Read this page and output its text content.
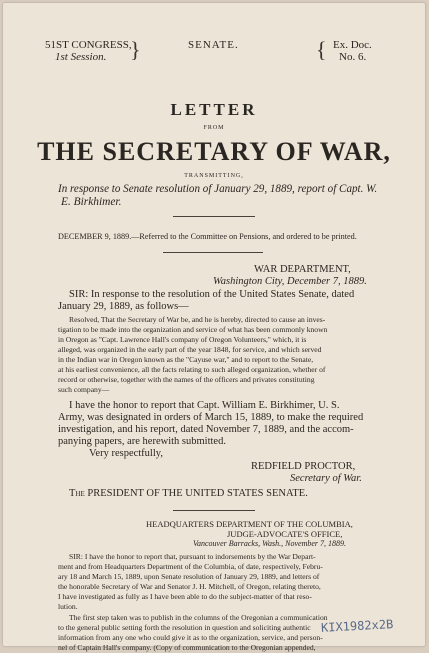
51ST CONGRESS,
1st Session. }	SENATE.	{ Ex. Doc.
No. 6.
LETTER
FROM
THE SECRETARY OF WAR,
TRANSMITTING,
In response to Senate resolution of January 29, 1889, report of Capt. W.
E. Birkhimer.
DECEMBER 9, 1889.—Referred to the Committee on Pensions, and ordered to be printed.
WAR DEPARTMENT,
Washington City, December 7, 1889.
SIR: In response to the resolution of the United States Senate, dated
January 29, 1889, as follows—
Resolved, That the Secretary of War be, and he is hereby, directed to cause an inves-
tigation to be made into the organization and service of what has been commonly known
in Oregon as "Capt. Lawrence Hall's company of Oregon Volunteers," which, it is
alleged, was organized in the early part of the year 1848, for service, and which served
in the Indian war in Oregon known as the "Cayuse war," and to report to the Senate,
at his earliest convenience, all the facts relating to such alleged organization, whether of
record or otherwise, together with the names of the officers and privates constituting
such company—
I have the honor to report that Capt. William E. Birkhimer, U. S.
Army, was designated in orders of March 15, 1889, to make the required
investigation, and his report, dated November 7, 1889, and the accom-
panying papers, are herewith submitted.
Very respectfully,
REDFIELD PROCTOR,
Secretary of War.
The PRESIDENT OF THE UNITED STATES SENATE.
HEADQUARTERS DEPARTMENT OF THE COLUMBIA,
JUDGE-ADVOCATE'S OFFICE,
Vancouver Barracks, Wash., November 7, 1889.
SIR: I have the honor to report that, pursuant to indorsements by the War Depart-
ment and from Headquarters Department of the Columbia, of date, respectively, Febru-
ary 18 and March 15, 1889, upon Senate resolution of January 29, 1889, and letters of
the honorable Secretary of War and Senator J. H. Mitchell, of Oregon, relating thereto,
I have investigated as fully as I have been able to do the subject-matter of that reso-
lution.
The first step taken was to publish in the columns of the Oregonian a communication
to the general public setting forth the resolution in question and soliciting authentic
information from any one who could give it as to the organization, service, and person-
nel of Captain Hall's company. (Copy of communication to the Oregonian appended,
KIX1982x2B
